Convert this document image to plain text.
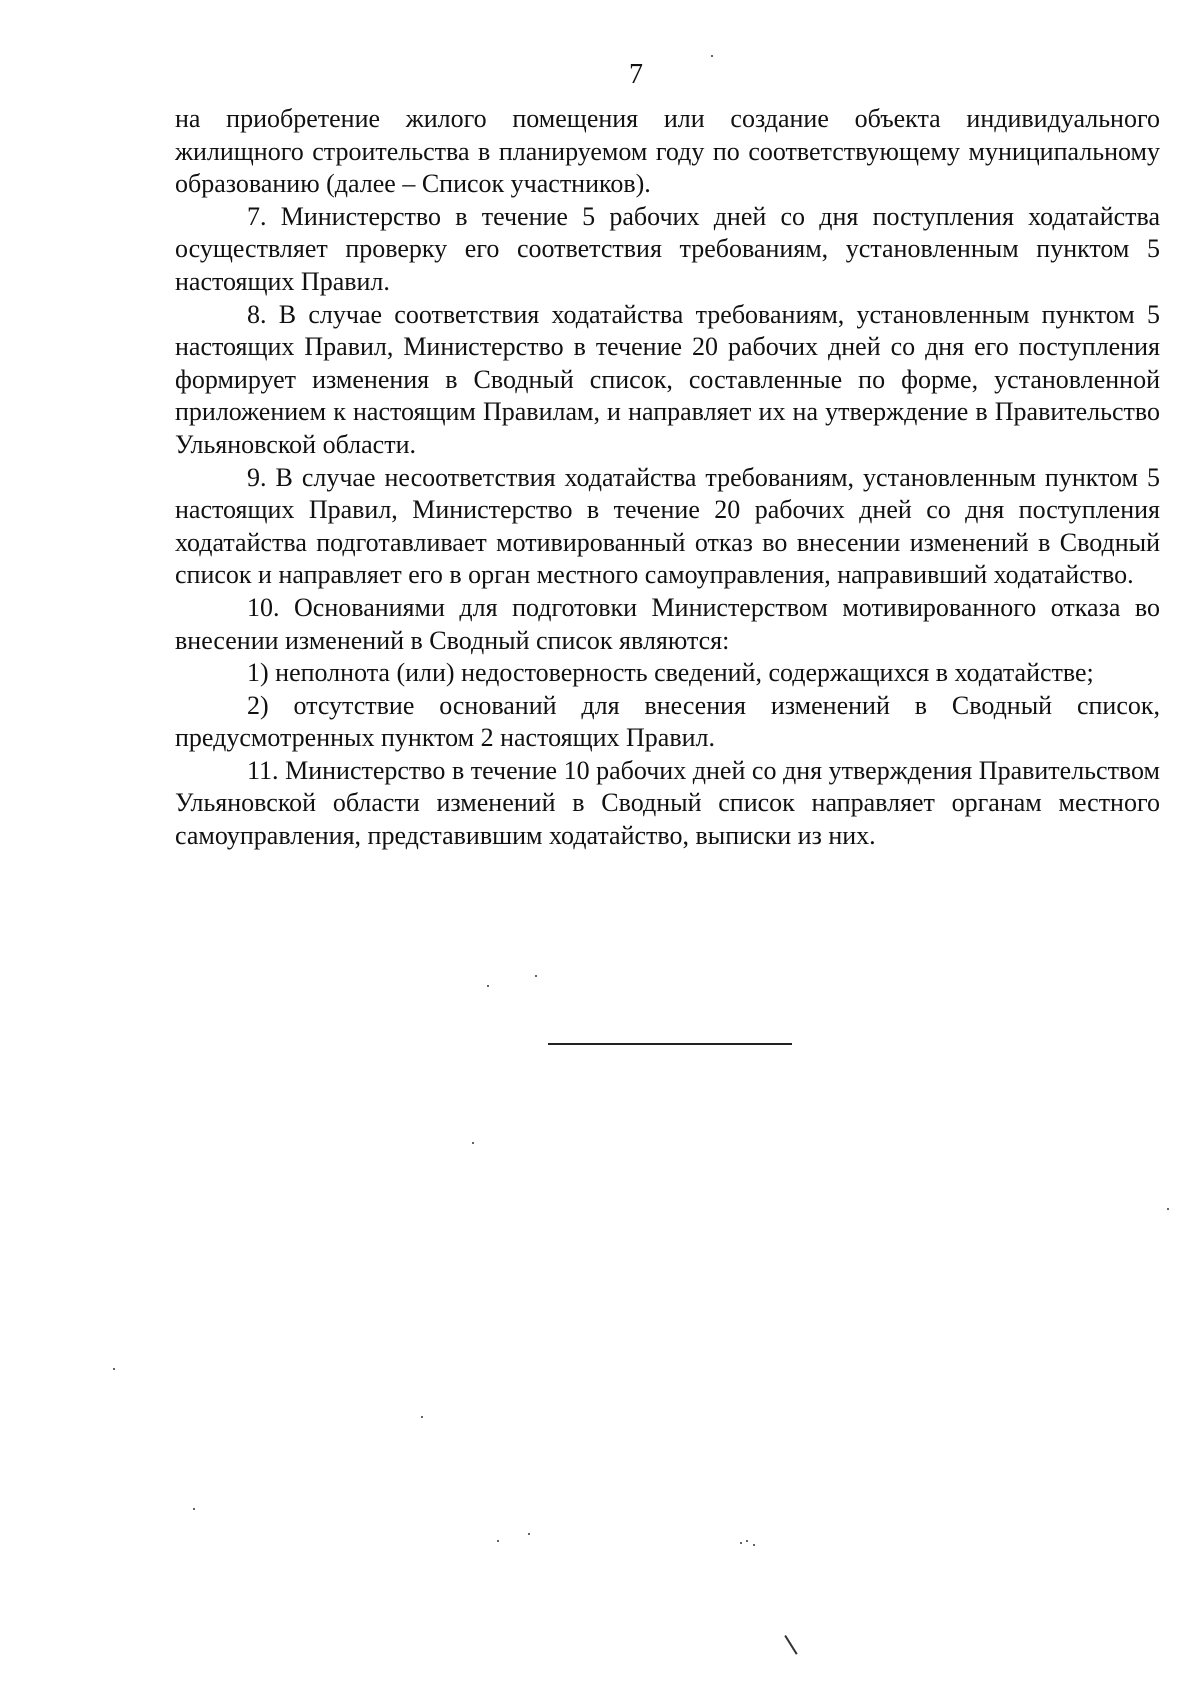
7

на приобретение жилого помещения или создание объекта индивидуального жилищного строительства в планируемом году по соответствующему муниципальному образованию (далее – Список участников).

7. Министерство в течение 5 рабочих дней со дня поступления ходатайства осуществляет проверку его соответствия требованиям, установленным пунктом 5 настоящих Правил.

8. В случае соответствия ходатайства требованиям, установленным пунктом 5 настоящих Правил, Министерство в течение 20 рабочих дней со дня его поступления формирует изменения в Сводный список, составленные по форме, установленной приложением к настоящим Правилам, и направляет их на утверждение в Правительство Ульяновской области.

9. В случае несоответствия ходатайства требованиям, установленным пунктом 5 настоящих Правил, Министерство в течение 20 рабочих дней со дня поступления ходатайства подготавливает мотивированный отказ во внесении изменений в Сводный список и направляет его в орган местного самоуправления, направивший ходатайство.

10. Основаниями для подготовки Министерством мотивированного отказа во внесении изменений в Сводный список являются:

1) неполнота (или) недостоверность сведений, содержащихся в ходатайстве;

2) отсутствие оснований для внесения изменений в Сводный список, предусмотренных пунктом 2 настоящих Правил.

11. Министерство в течение 10 рабочих дней со дня утверждения Правительством Ульяновской области изменений в Сводный список направляет органам местного самоуправления, представившим ходатайство, выписки из них.
